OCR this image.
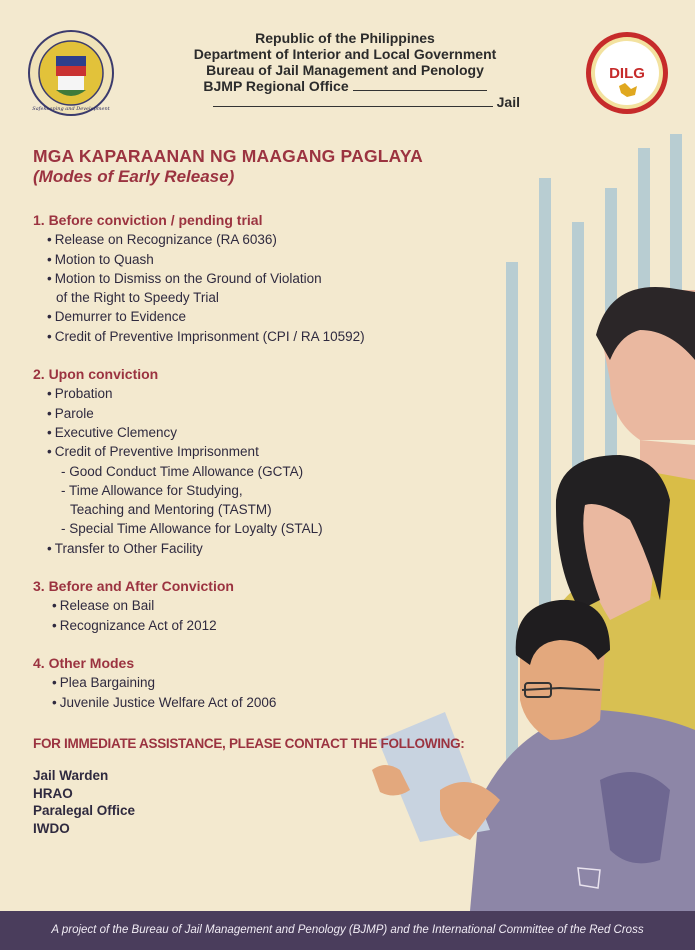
Safekeeping and Development
DILG
Republic of the Philippines
Department of Interior and Local Government
Bureau of Jail Management and Penology
BJMP Regional Office
Jail
MGA KAPARAANAN NG MAAGANG PAGLAYA
(Modes of Early Release)
1. Before conviction / pending trial
• Release on Recognizance (RA 6036)
• Motion to Quash
• Motion to Dismiss on the Ground of Violation
of the Right to Speedy Trial
• Demurrer to Evidence
• Credit of Preventive Imprisonment (CPI / RA 10592)
2. Upon conviction
• Probation
• Parole
• Executive Clemency
• Credit of Preventive Imprisonment
- Good Conduct Time Allowance (GCTA)
- Time Allowance for Studying,
Teaching and Mentoring (TASTM)
- Special Time Allowance for Loyalty (STAL)
• Transfer to Other Facility
3. Before and After Conviction
• Release on Bail
• Recognizance Act of 2012
4. Other Modes
• Plea Bargaining
• Juvenile Justice Welfare Act of 2006
FOR IMMEDIATE ASSISTANCE, PLEASE CONTACT THE FOLLOWING:
Jail Warden
HRAO
Paralegal Office
IWDO
A project of the Bureau of Jail Management and Penology (BJMP) and the International Committee of the Red Cross
